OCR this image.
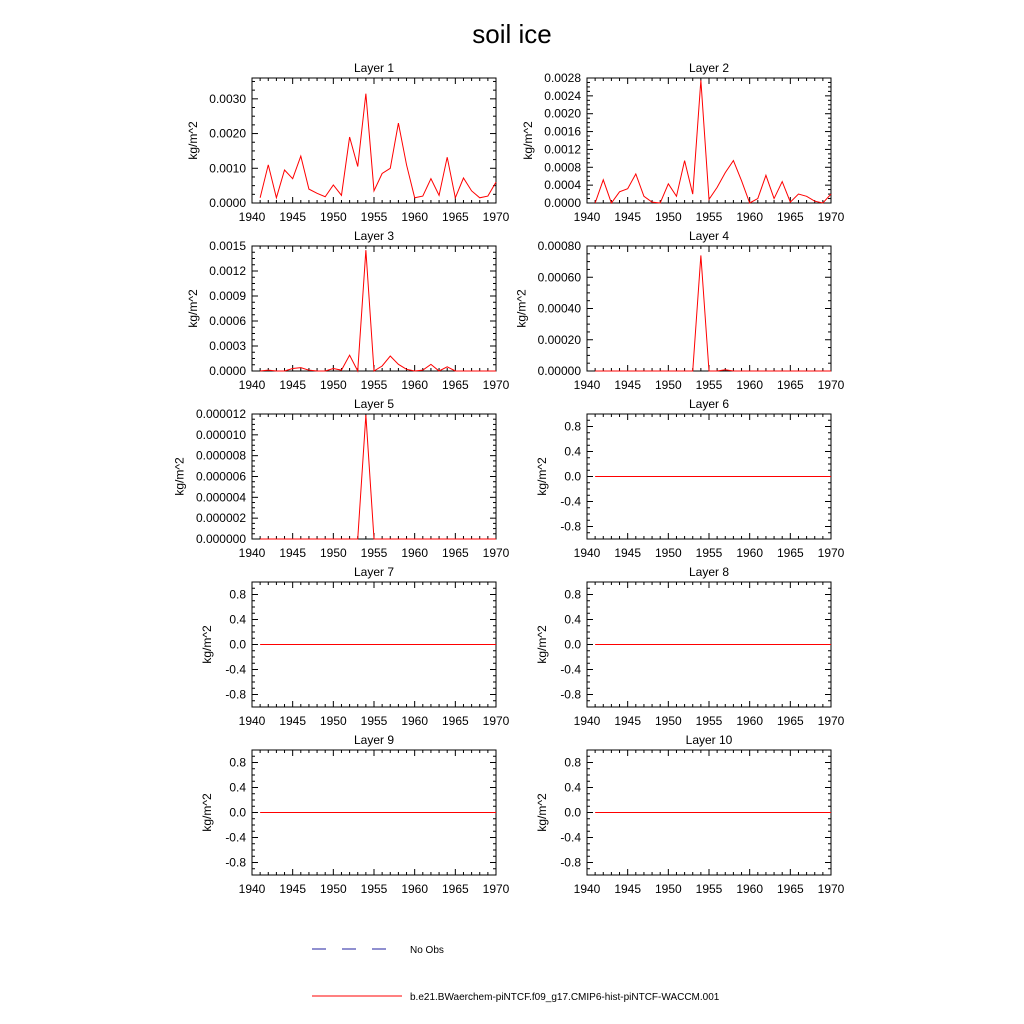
soil ice
Layer 1
1940 1945 1950 1955 1960 1965 1970
0.0000
0.0010
0.0020
0.0030
kg/m^2
Layer 2
1940 1945 1950 1955 1960 1965 1970
0.0000
0.0004
0.0008
0.0012
0.0016
0.0020
0.0024
0.0028
kg/m^2
Layer 3
1940 1945 1950 1955 1960 1965 1970
0.0000
0.0003
0.0006
0.0009
0.0012
0.0015
kg/m^2
Layer 4
1940 1945 1950 1955 1960 1965 1970
0.00000
0.00020
0.00040
0.00060
0.00080
kg/m^2
Layer 5
1940 1945 1950 1955 1960 1965 1970
0.000000
0.000002
0.000004
0.000006
0.000008
0.000010
0.000012
kg/m^2
Layer 6
1940 1945 1950 1955 1960 1965 1970
-0.8
-0.4
0.0
0.4
0.8
kg/m^2
Layer 7
1940 1945 1950 1955 1960 1965 1970
-0.8
-0.4
0.0
0.4
0.8
kg/m^2
Layer 8
1940 1945 1950 1955 1960 1965 1970
-0.8
-0.4
0.0
0.4
0.8
kg/m^2
Layer 9
1940 1945 1950 1955 1960 1965 1970
-0.8
-0.4
0.0
0.4
0.8
kg/m^2
Layer 10
1940 1945 1950 1955 1960 1965 1970
-0.8
-0.4
0.0
0.4
0.8
kg/m^2
No Obs
b.e21.BWaerchem-piNTCF.f09_g17.CMIP6-hist-piNTCF-WACCM.001
